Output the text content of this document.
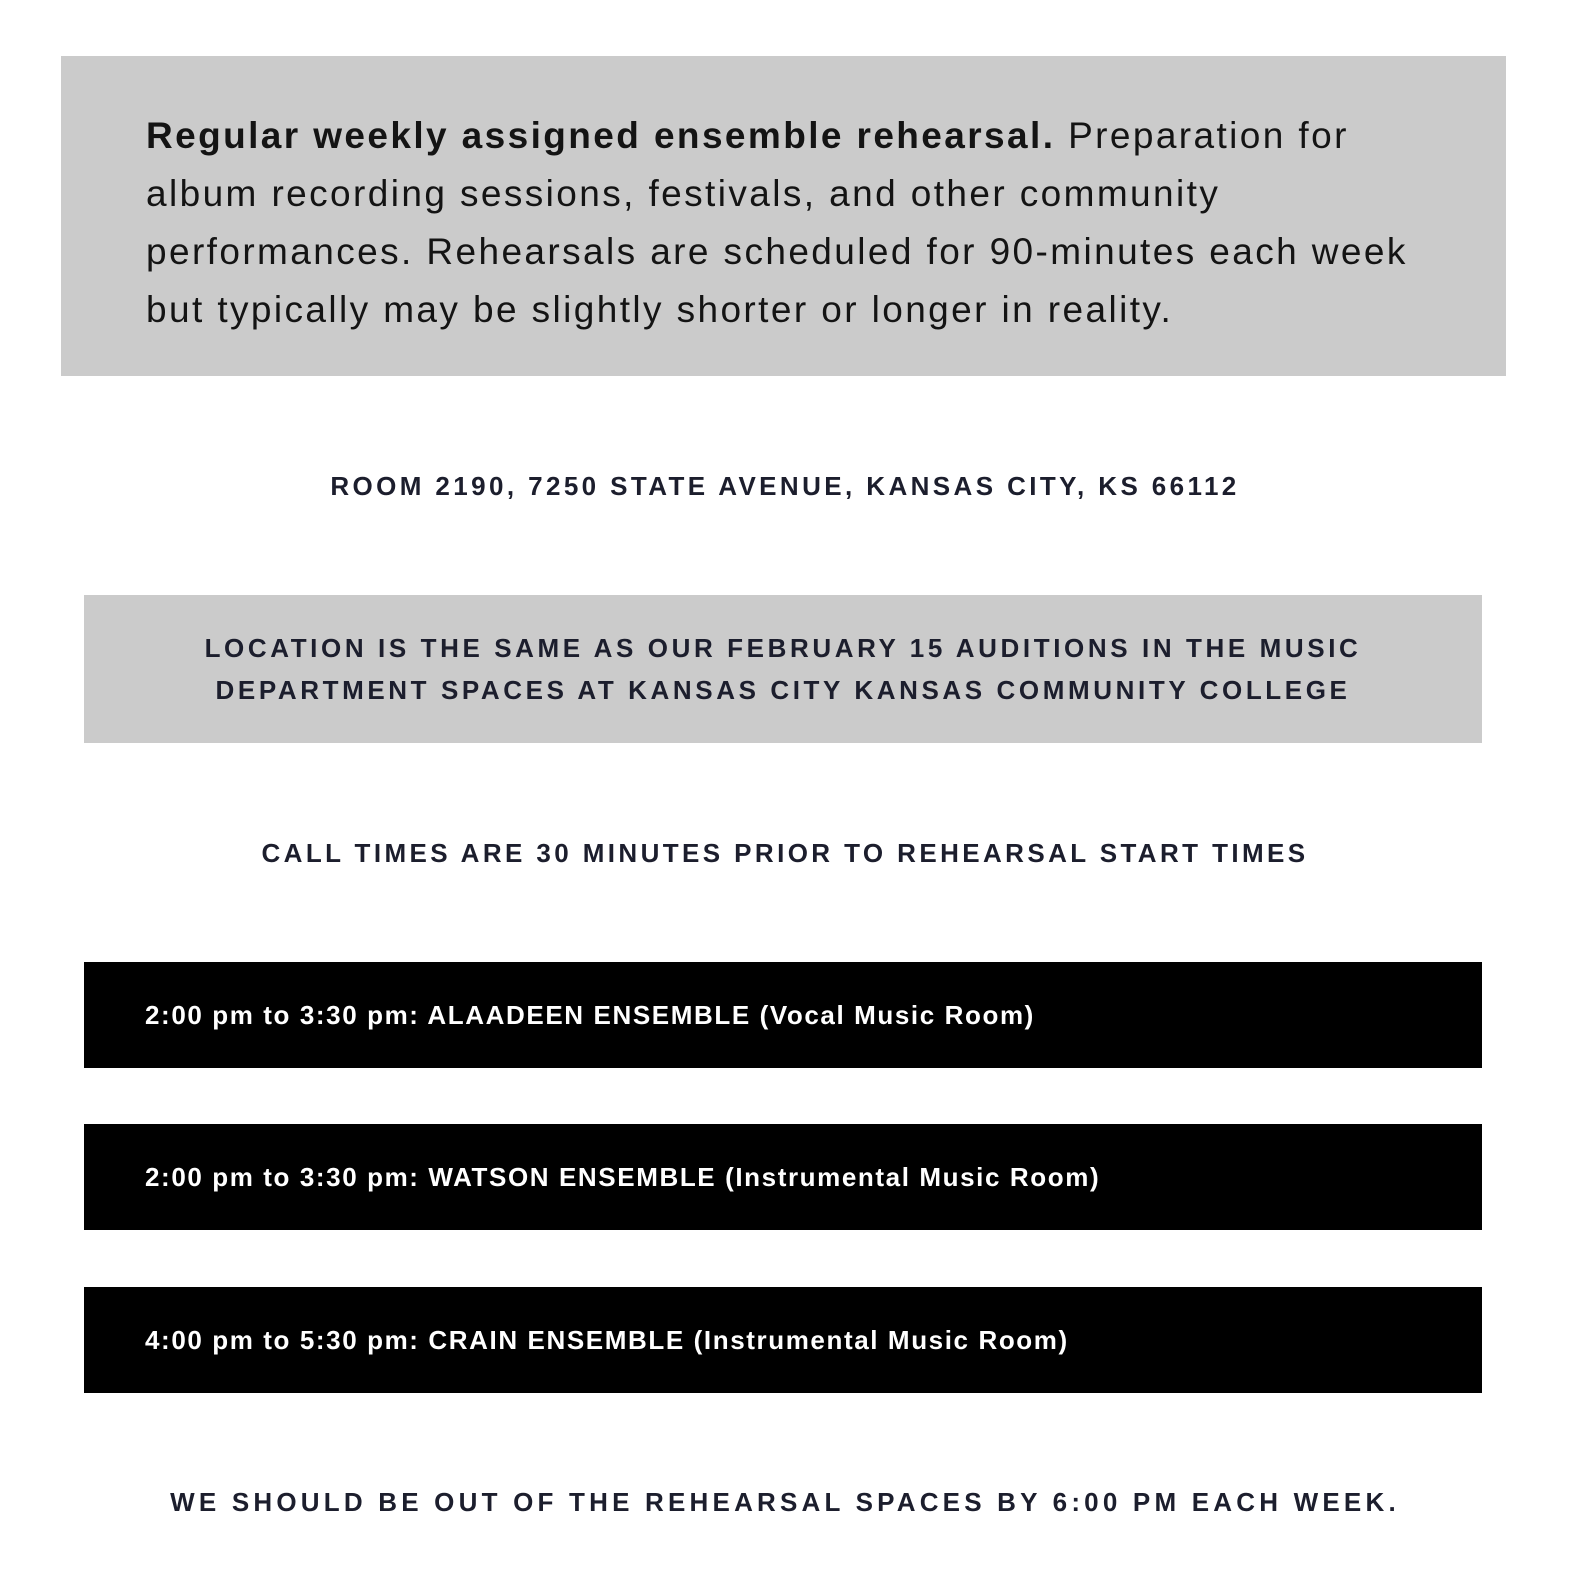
Regular weekly assigned ensemble rehearsal. Preparation for album recording sessions, festivals, and other community performances. Rehearsals are scheduled for 90-minutes each week but typically may be slightly shorter or longer in reality.

ROOM 2190, 7250 STATE AVENUE, KANSAS CITY, KS 66112

LOCATION IS THE SAME AS OUR FEBRUARY 15 AUDITIONS IN THE MUSIC
DEPARTMENT SPACES AT KANSAS CITY KANSAS COMMUNITY COLLEGE

CALL TIMES ARE 30 MINUTES PRIOR TO REHEARSAL START TIMES

2:00 pm to 3:30 pm: ALAADEEN ENSEMBLE (Vocal Music Room)
2:00 pm to 3:30 pm: WATSON ENSEMBLE (Instrumental Music Room)
4:00 pm to 5:30 pm: CRAIN ENSEMBLE (Instrumental Music Room)

WE SHOULD BE OUT OF THE REHEARSAL SPACES BY 6:00 PM EACH WEEK.
